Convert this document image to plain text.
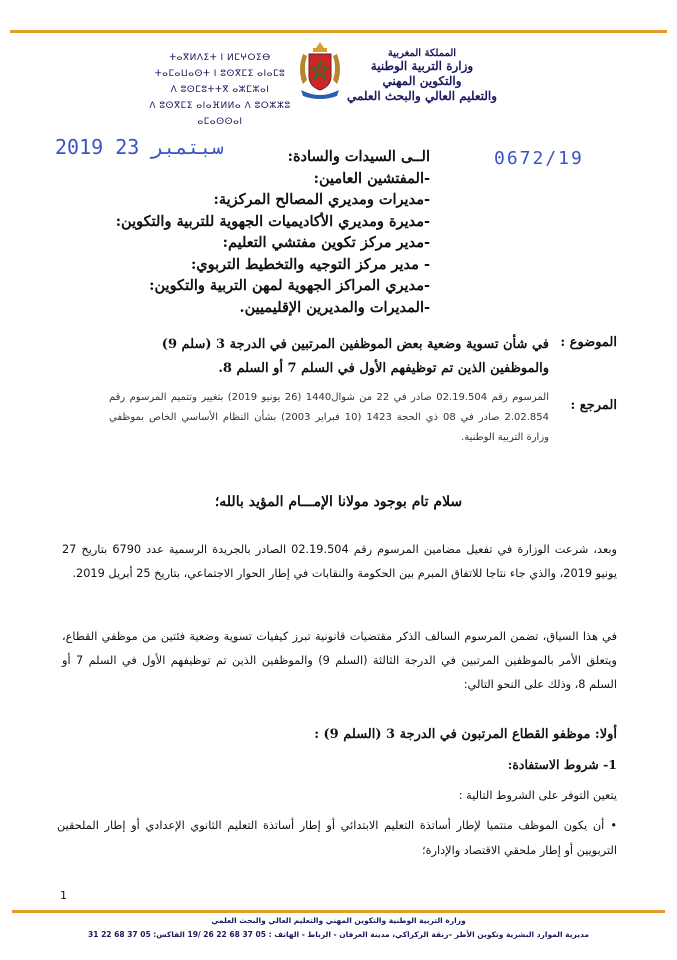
ⵜⴰⴳⵍⴷⵉⵜ ⵏ ⵍⵎⵖⵔⵉⴱ
ⵜⴰⵎⴰⵡⴰⵙⵜ ⵏ ⵓⵙⴳⵎⵉ ⴰⵏⴰⵎⵓ
ⴷ ⵓⵙⵎⵓⵜⵜⴳ ⴰⵣⵎⵣⴰⵏ
ⴷ ⵓⵙⴳⵎⵉ ⴰⵏⴰⴼⵍⵍⴰ ⴷ ⵓⵔⵣⵣⵓ ⴰⵎⴰⵙⵙⴰⵏ
المملكة المغربية
وزارة التربية الوطنية
والتكوين المهني
والتعليم العالي والبحث العلمي
2019 سبتمبر 23	0672/19
الــى السيدات والسادة:
-المفتشين العامين:
-مديرات ومديري المصالح المركزية:
-مديرة ومديري الأكاديميات الجهوية للتربية والتكوين:
-مدير مركز تكوين مفتشي التعليم:
- مدير مركز التوجيه والتخطيط التربوي:
-مديري المراكز الجهوية لمهن التربية والتكوين:
-المديرات والمديرين الإقليميين.
الموضوع :
في شأن تسوية وضعية بعض الموظفين المرتبين في الدرجة 3 (سلم 9) والموظفين الذين تم توظيفهم الأول في السلم 7 أو السلم 8.
المرجع :
المرسوم رقم 02.19.504 صادر في 22 من شوال1440 (26 يونيو 2019) بتغيير وتتميم المرسوم رقم 2.02.854 صادر في 08 ذي الحجة 1423 (10 فبراير 2003) بشأن النظام الأساسي الخاص بموظفي وزارة التربية الوطنية.
سلام تام بوجود مولانا الإمـــام المؤيد بالله؛
وبعد، شرعت الوزارة في تفعيل مضامين المرسوم رقم 02.19.504 الصادر بالجريدة الرسمية عدد 6790 بتاريخ 27 يونيو 2019، والذي جاء نتاجا للاتفاق المبرم بين الحكومة والنقابات في إطار الحوار الاجتماعي، بتاريخ 25 أبريل 2019.
في هذا السياق، تضمن المرسوم السالف الذكر مقتضيات قانونية تبرز كيفيات تسوية وضعية فئتين من موظفي القطاع، ويتعلق الأمر بالموظفين المرتبين في الدرجة الثالثة (السلم 9) والموظفين الذين تم توظيفهم الأول في السلم 7 أو السلم 8، وذلك على النحو التالي:
أولا: موظفو القطاع المرتبون في الدرجة 3 (السلم 9) :
1- شروط الاستفادة:
يتعين التوفر على الشروط التالية :
•أن يكون الموظف منتميا لإطار أساتذة التعليم الابتدائي أو إطار أساتذة التعليم الثانوي الإعدادي أو إطار الملحقين التربويين أو إطار ملحقي الاقتصاد والإدارة؛
1
وزارة التربية الوطنية والتكوين المهني والتعليم العالي والبحث العلمي
مديرية الموارد البشرية وتكوين الأطر –زنقة الركراكي، مدينة العرفان - الرباط - الهاتف : 05 37 68 22 26 /19 الفاكس: 05 37 68 22 31
